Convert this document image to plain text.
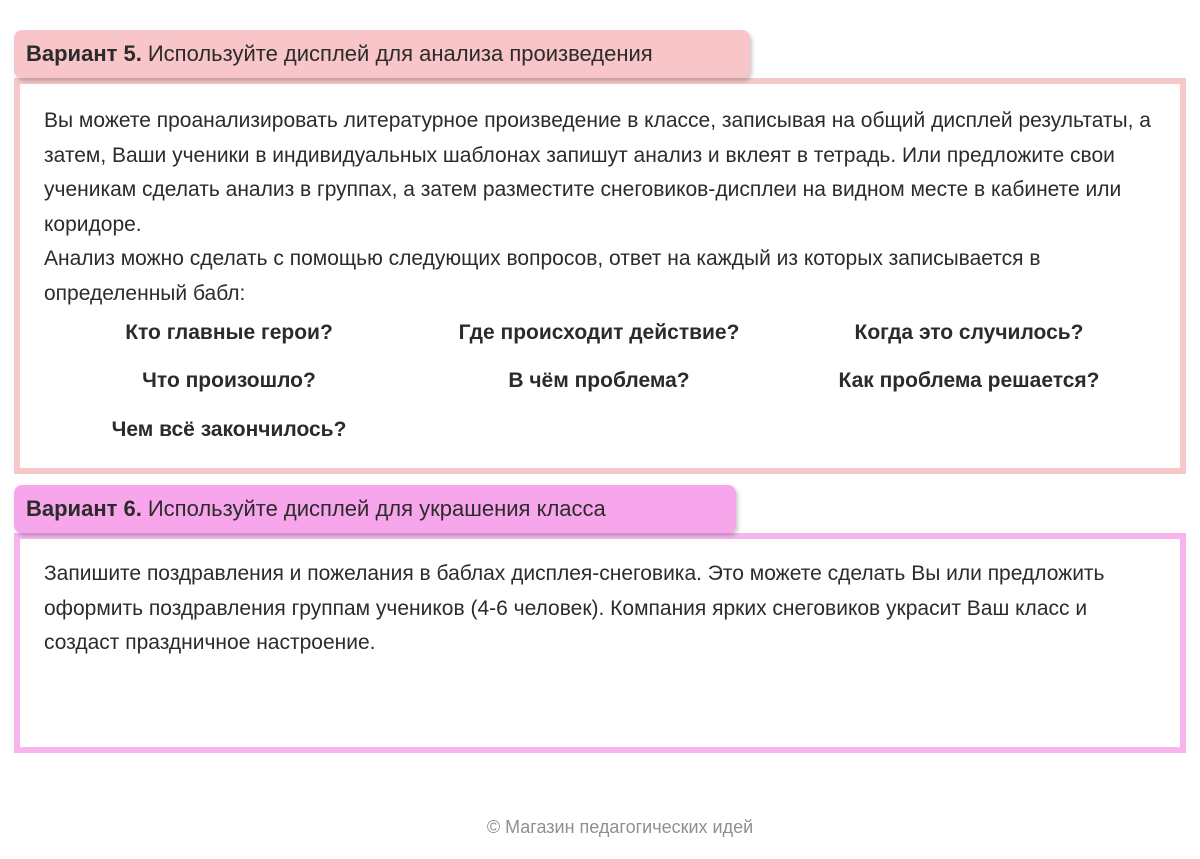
Вариант 5. Используйте дисплей для анализа произведения

Вы можете проанализировать литературное произведение в классе, записывая на общий дисплей результаты, а затем, Ваши ученики в индивидуальных шаблонах запишут анализ и вклеят в тетрадь. Или предложите свои ученикам сделать анализ в группах, а затем разместите снеговиков-дисплеи на видном месте в кабинете или коридоре.

Анализ можно сделать с помощью следующих вопросов, ответ на каждый из которых записывается в определенный бабл:

Кто главные герои?	Где происходит действие?	Когда это случилось?
Что произошло?	В чём проблема?	Как проблема решается?
Чем всё закончилось?
Вариант 6. Используйте дисплей для украшения класса

Запишите поздравления и пожелания в баблах дисплея-снеговика. Это можете сделать Вы или предложить оформить поздравления группам учеников (4-6 человек). Компания ярких снеговиков украсит Ваш класс и создаст праздничное настроение.

© Магазин педагогических идей
